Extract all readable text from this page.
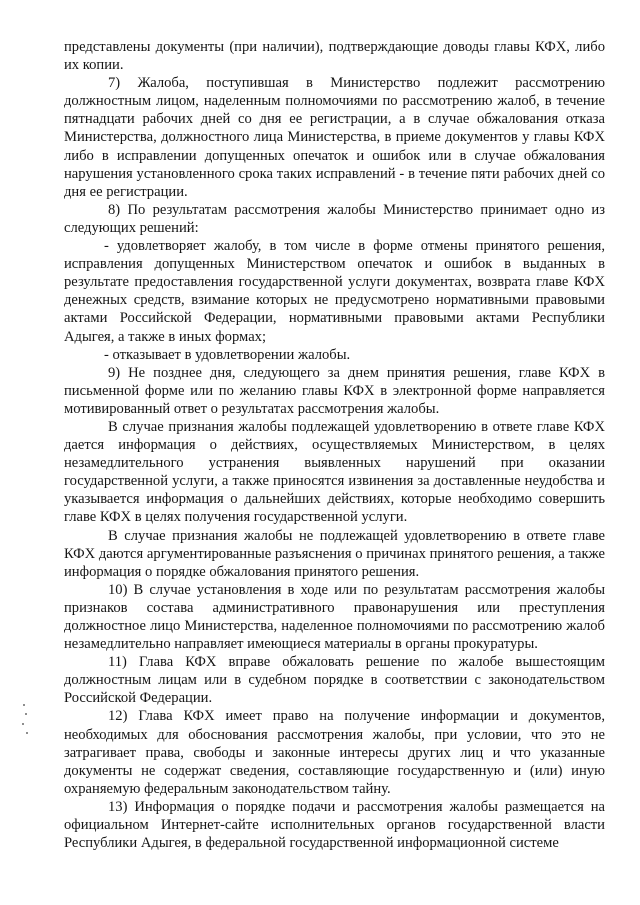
представлены документы (при наличии), подтверждающие доводы главы КФХ, либо их копии.

7) Жалоба, поступившая в Министерство подлежит рассмотрению должностным лицом, наделенным полномочиями по рассмотрению жалоб, в течение пятнадцати рабочих дней со дня ее регистрации, а в случае обжалования отказа Министерства, должностного лица Министерства, в приеме документов у главы КФХ либо в исправлении допущенных опечаток и ошибок или в случае обжалования нарушения установленного срока таких исправлений - в течение пяти рабочих дней со дня ее регистрации.

8) По результатам рассмотрения жалобы Министерство принимает одно из следующих решений:

- удовлетворяет жалобу, в том числе в форме отмены принятого решения, исправления допущенных Министерством опечаток и ошибок в выданных в результате предоставления государственной услуги документах, возврата главе КФХ денежных средств, взимание которых не предусмотрено нормативными правовыми актами Российской Федерации, нормативными правовыми актами Республики Адыгея, а также в иных формах;

- отказывает в удовлетворении жалобы.

9) Не позднее дня, следующего за днем принятия решения, главе КФХ в письменной форме или по желанию главы КФХ в электронной форме направляется мотивированный ответ о результатах рассмотрения жалобы.

В случае признания жалобы подлежащей удовлетворению в ответе главе КФХ дается информация о действиях, осуществляемых Министерством, в целях незамедлительного устранения выявленных нарушений при оказании государственной услуги, а также приносятся извинения за доставленные неудобства и указывается информация о дальнейших действиях, которые необходимо совершить главе КФХ в целях получения государственной услуги.

В случае признания жалобы не подлежащей удовлетворению в ответе главе КФХ даются аргументированные разъяснения о причинах принятого решения, а также информация о порядке обжалования принятого решения.

10) В случае установления в ходе или по результатам рассмотрения жалобы признаков состава административного правонарушения или преступления должностное лицо Министерства, наделенное полномочиями по рассмотрению жалоб незамедлительно направляет имеющиеся материалы в органы прокуратуры.

11) Глава КФХ вправе обжаловать решение по жалобе вышестоящим должностным лицам или в судебном порядке в соответствии с законодательством Российской Федерации.

12) Глава КФХ имеет право на получение информации и документов, необходимых для обоснования рассмотрения жалобы, при условии, что это не затрагивает права, свободы и законные интересы других лиц и что указанные документы не содержат сведения, составляющие государственную и (или) иную охраняемую федеральным законодательством тайну.

13) Информация о порядке подачи и рассмотрения жалобы размещается на официальном Интернет-сайте исполнительных органов государственной власти Республики Адыгея, в федеральной государственной информационной системе
